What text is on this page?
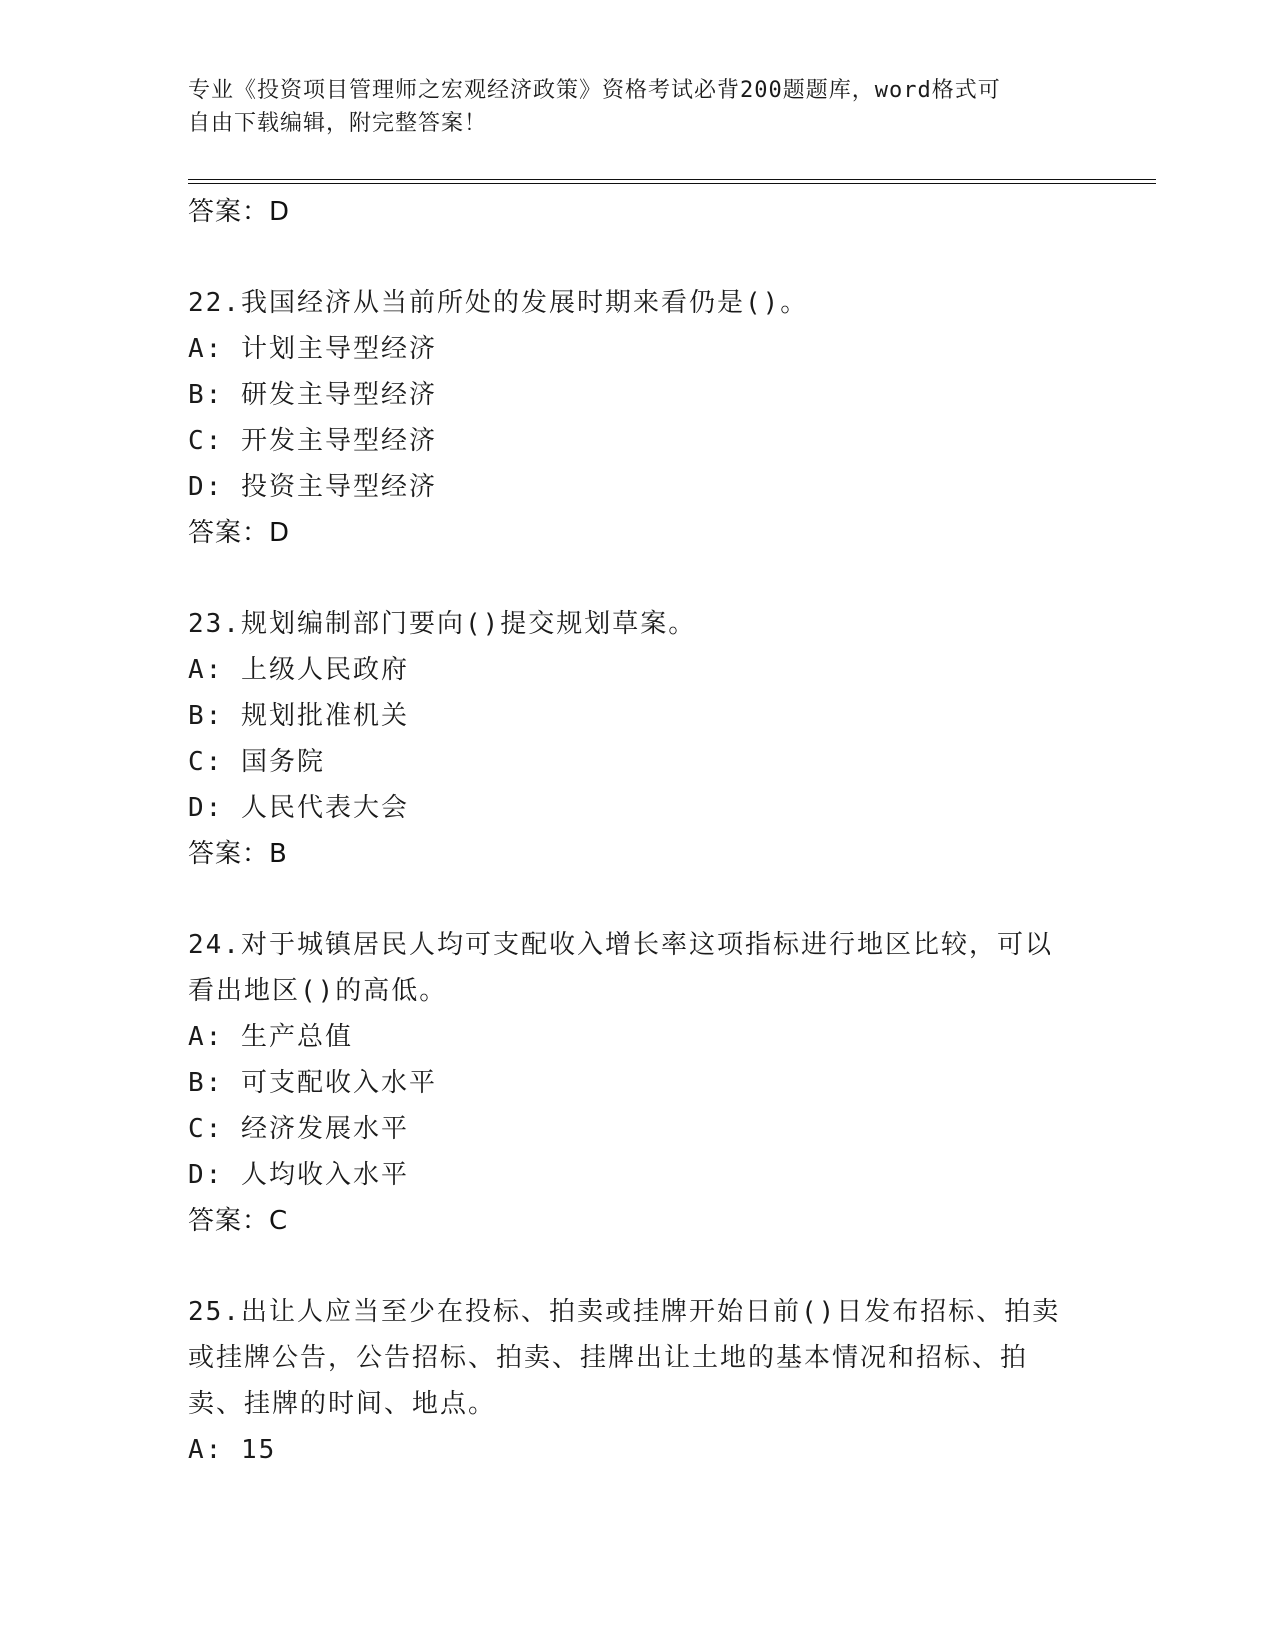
专业《投资项目管理师之宏观经济政策》资格考试必背200题题库，word格式可
自由下载编辑，附完整答案！
答案：D
22.我国经济从当前所处的发展时期来看仍是()。
A: 计划主导型经济
B: 研发主导型经济
C: 开发主导型经济
D: 投资主导型经济
答案：D
23.规划编制部门要向()提交规划草案。
A: 上级人民政府
B: 规划批准机关
C: 国务院
D: 人民代表大会
答案：B
24.对于城镇居民人均可支配收入增长率这项指标进行地区比较，可以
看出地区()的高低。
A: 生产总值
B: 可支配收入水平
C: 经济发展水平
D: 人均收入水平
答案：C
25.出让人应当至少在投标、拍卖或挂牌开始日前()日发布招标、拍卖
或挂牌公告，公告招标、拍卖、挂牌出让土地的基本情况和招标、拍
卖、挂牌的时间、地点。
A: 15
